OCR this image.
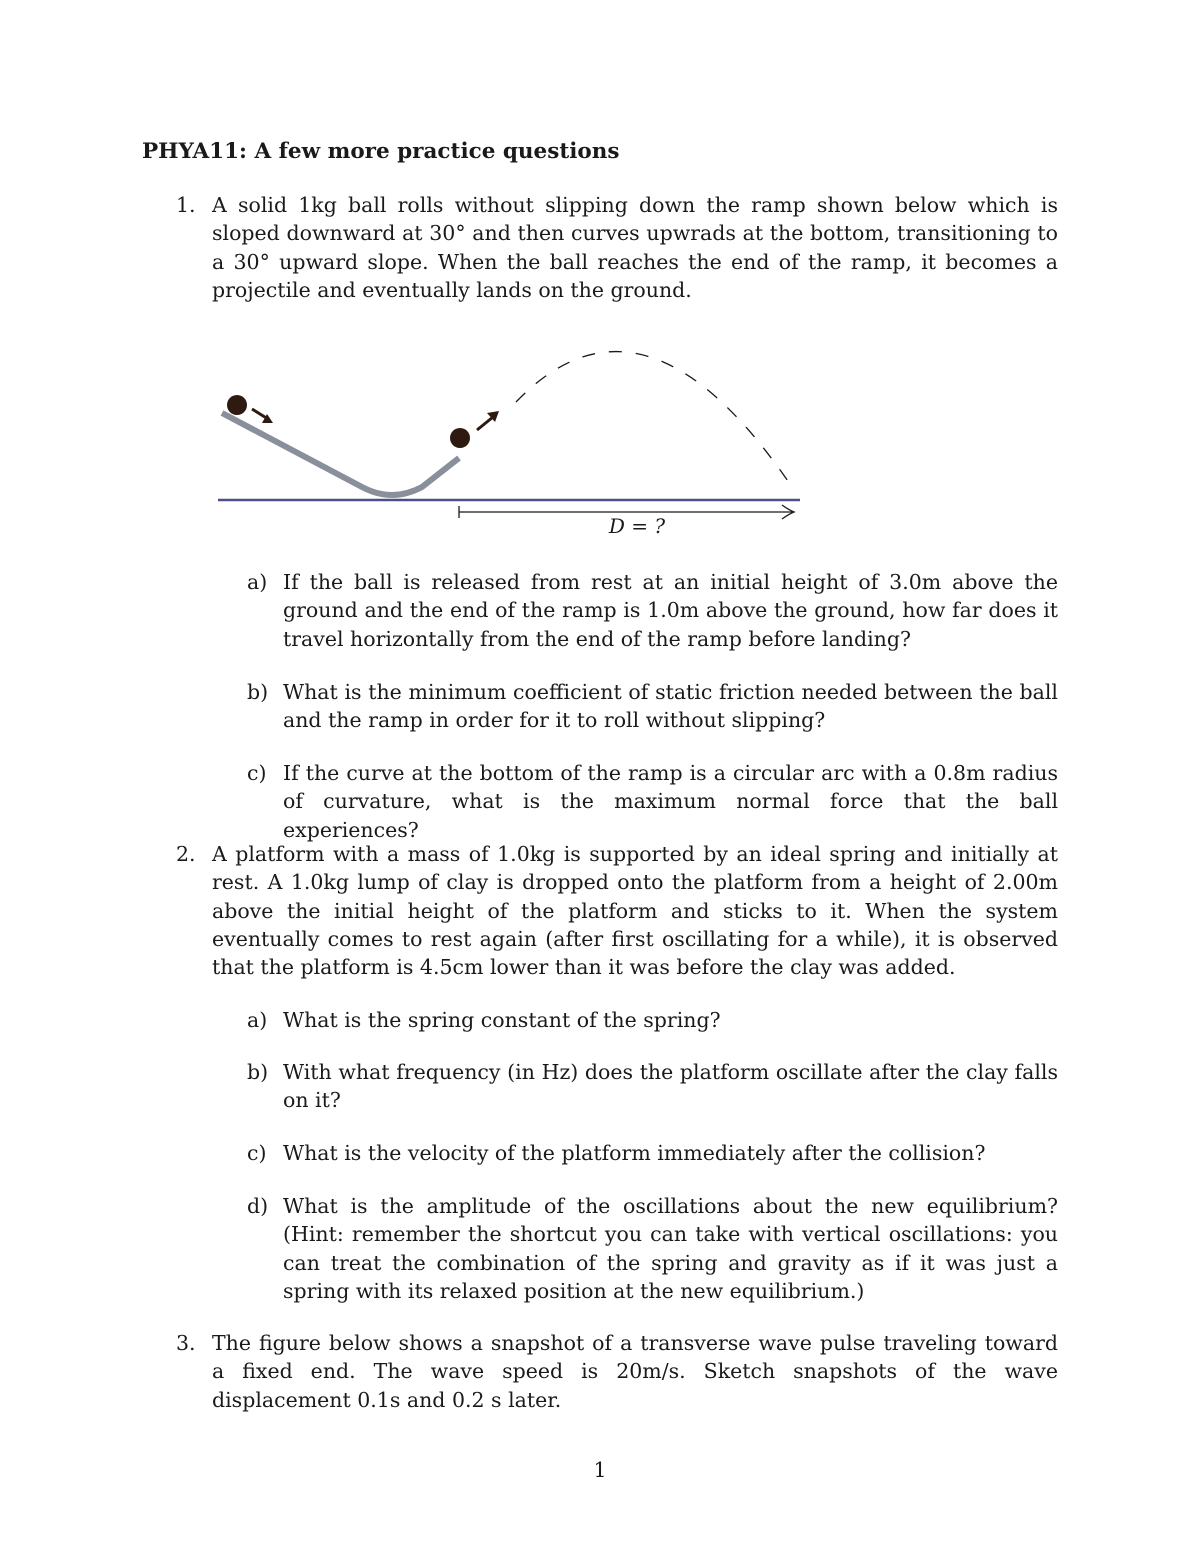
PHYA11: A few more practice questions
1. A solid 1kg ball rolls without slipping down the ramp shown below which is sloped downward at 30° and then curves upwrads at the bottom, transitioning to a 30° upward slope. When the ball reaches the end of the ramp, it becomes a projectile and eventually lands on the ground.
D = ?
a) If the ball is released from rest at an initial height of 3.0m above the ground and the end of the ramp is 1.0m above the ground, how far does it travel horizontally from the end of the ramp before landing?
b) What is the minimum coefficient of static friction needed between the ball and the ramp in order for it to roll without slipping?
c) If the curve at the bottom of the ramp is a circular arc with a 0.8m radius of curvature, what is the maximum normal force that the ball experiences?
2. A platform with a mass of 1.0kg is supported by an ideal spring and initially at rest. A 1.0kg lump of clay is dropped onto the platform from a height of 2.00m above the initial height of the platform and sticks to it. When the system eventually comes to rest again (after first oscillating for a while), it is observed that the platform is 4.5cm lower than it was before the clay was added.
a) What is the spring constant of the spring?
b) With what frequency (in Hz) does the platform oscillate after the clay falls on it?
c) What is the velocity of the platform immediately after the collision?
d) What is the amplitude of the oscillations about the new equilibrium? (Hint: remember the shortcut you can take with vertical oscillations: you can treat the combination of the spring and gravity as if it was just a spring with its relaxed position at the new equilibrium.)
3. The figure below shows a snapshot of a transverse wave pulse traveling toward a fixed end. The wave speed is 20m/s. Sketch snapshots of the wave displacement 0.1s and 0.2 s later.
1
